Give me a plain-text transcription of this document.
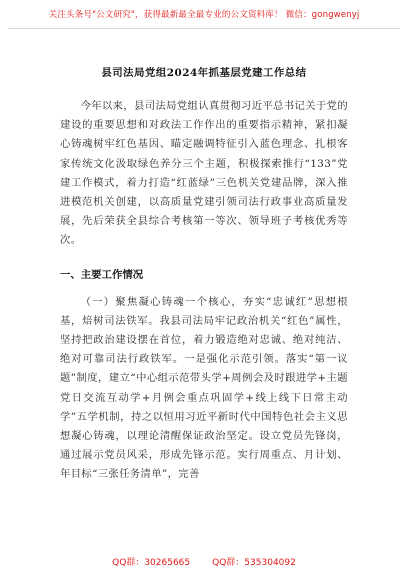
关注头条号"公文研究"，获得最新最全最专业的公文资料库！ 微信：gongwenyj
县司法局党组2024年抓基层党建工作总结

今年以来，县司法局党组认真贯彻习近平总书记关于党的建设的重要思想和对政法工作作出的重要指示精神，紧扣凝心铸魂树牢红色基因、瞄定融调特征引入蓝色理念、扎根客家传统文化汲取绿色养分三个主题，积极探索推行“133”党建工作模式，着力打造“红蓝绿”三色机关党建品牌，深入推进模范机关创建，以高质量党建引领司法行政事业高质量发展，先后荣获全县综合考核第一等次、领导班子考核优秀等次。

一、主要工作情况

（一）聚焦凝心铸魂一个核心，夯实“忠诚红”思想根基，焙树司法铁军。我县司法局牢记政治机关“红色”属性，坚持把政治建设摆在首位，着力锻造绝对忠诚、绝对纯洁、绝对可靠司法行政铁军。一是强化示范引领。落实“第一议题”制度，建立“中心组示范带头学+周例会及时跟进学+主题党日交流互动学+月例会重点巩固学+线上线下日常主动学”五学机制，持之以恒用习近平新时代中国特色社会主义思想凝心铸魂，以理论清醒保证政治坚定。设立党员先锋岗，通过展示党员风采，形成先锋示范。实行周重点、月计划、年目标“三张任务清单”，完善

QQ群：30265665 QQ群：535304092
